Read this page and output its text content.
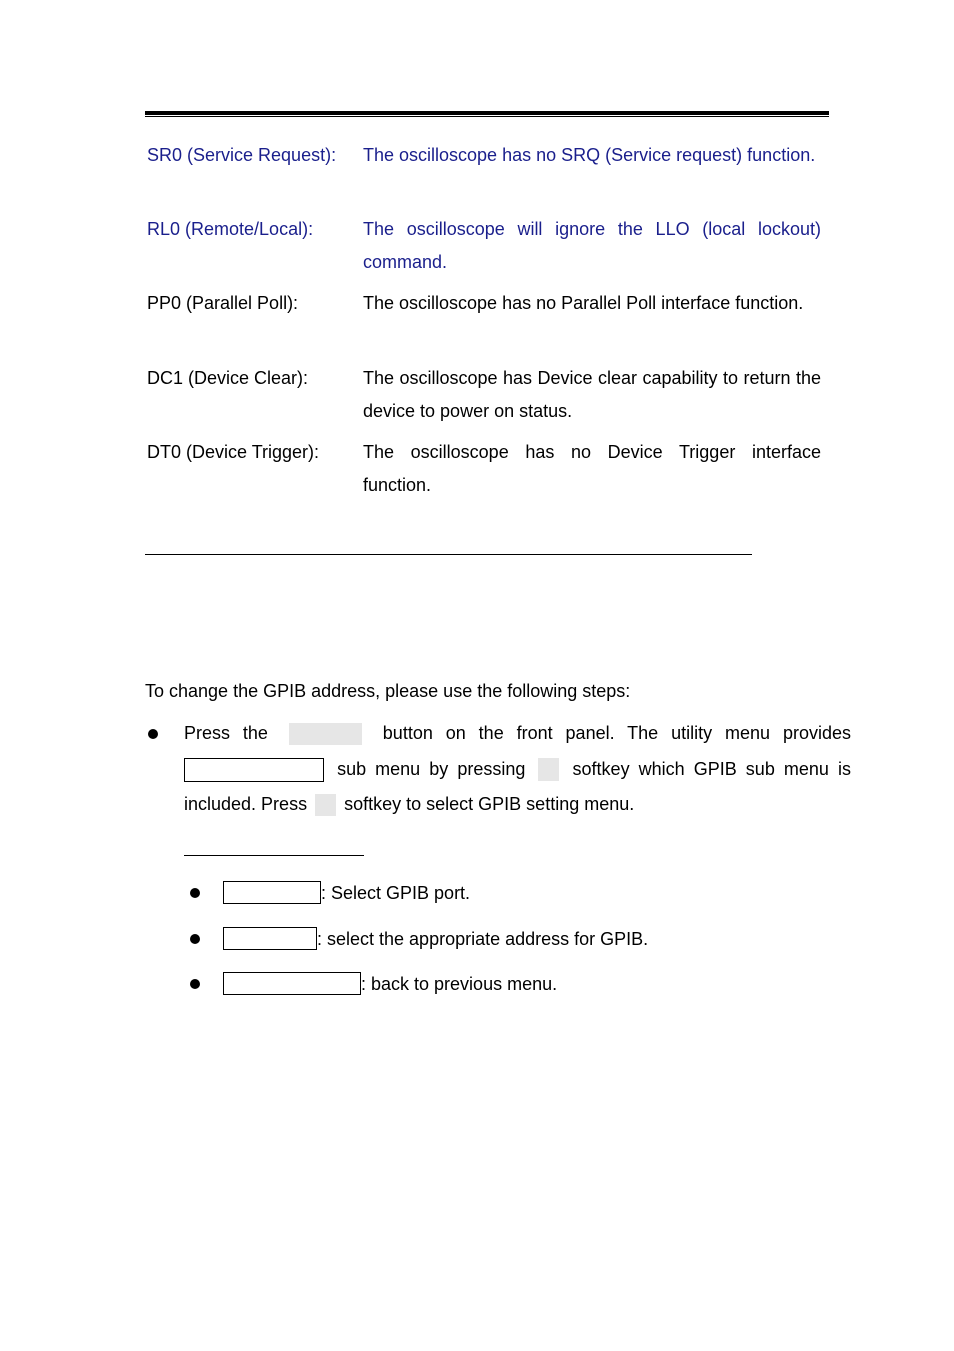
SR0 (Service Request): The oscilloscope has no SRQ (Service request) function.
RL0 (Remote/Local):	The oscilloscope will ignore the LLO (local lockout) command.
PP0 (Parallel Poll):	The oscilloscope has no Parallel Poll interface function.
DC1 (Device Clear):	The oscilloscope has Device clear capability to return the device to power on status.
DT0 (Device Trigger): The oscilloscope has no Device Trigger interface function.
To change the GPIB address, please use the following steps:
Press the	button on the front panel. The utility menu provides  sub menu by pressing	softkey which GPIB sub menu is included. Press softkey to select GPIB setting menu.
: Select GPIB port.
: select the appropriate address for GPIB.
: back to previous menu.
